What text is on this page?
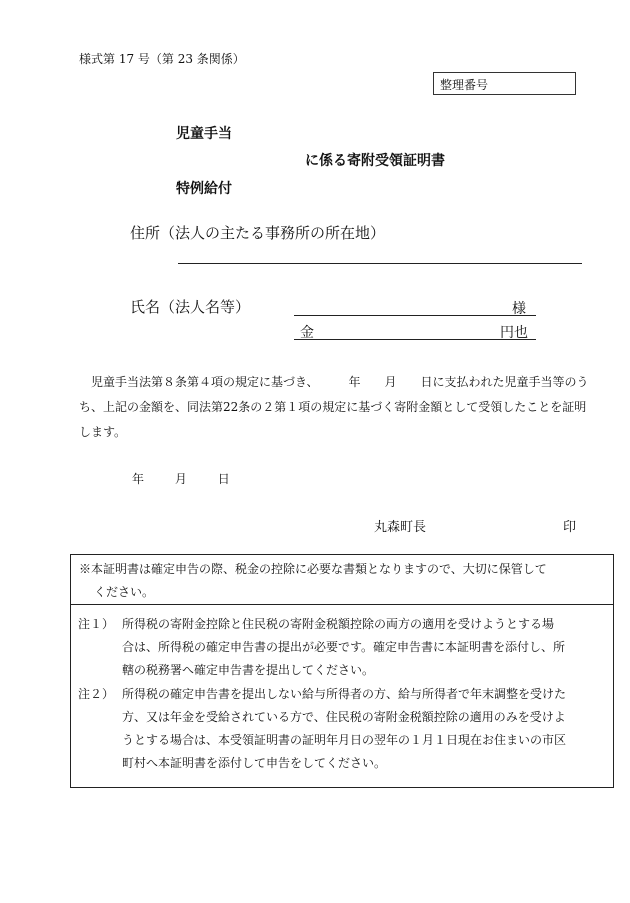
様式第 17 号（第 23 条関係）
整理番号
児童手当
に係る寄附受領証明書
特例給付
住所（法人の主たる事務所の所在地）
氏名（法人名等）	様
金	円也
児童手当法第８条第４項の規定に基づき、　　　年　　月　　日に支払われた児童手当等のうち、上記の金額を、同法第22条の２第１項の規定に基づく寄附金額として受領したことを証明します。
年	月	日
丸森町長	印
※本証明書は確定申告の際、税金の控除に必要な書類となりますので、大切に保管して
ください。
注１） 所得税の寄附金控除と住民税の寄附金税額控除の両方の適用を受けようとする場
合は、所得税の確定申告書の提出が必要です。確定申告書に本証明書を添付し、所
轄の税務署へ確定申告書を提出してください。
注２） 所得税の確定申告書を提出しない給与所得者の方、給与所得者で年末調整を受けた
方、又は年金を受給されている方で、住民税の寄附金税額控除の適用のみを受けよ
うとする場合は、本受領証明書の証明年月日の翌年の１月１日現在お住まいの市区
町村へ本証明書を添付して申告をしてください。
